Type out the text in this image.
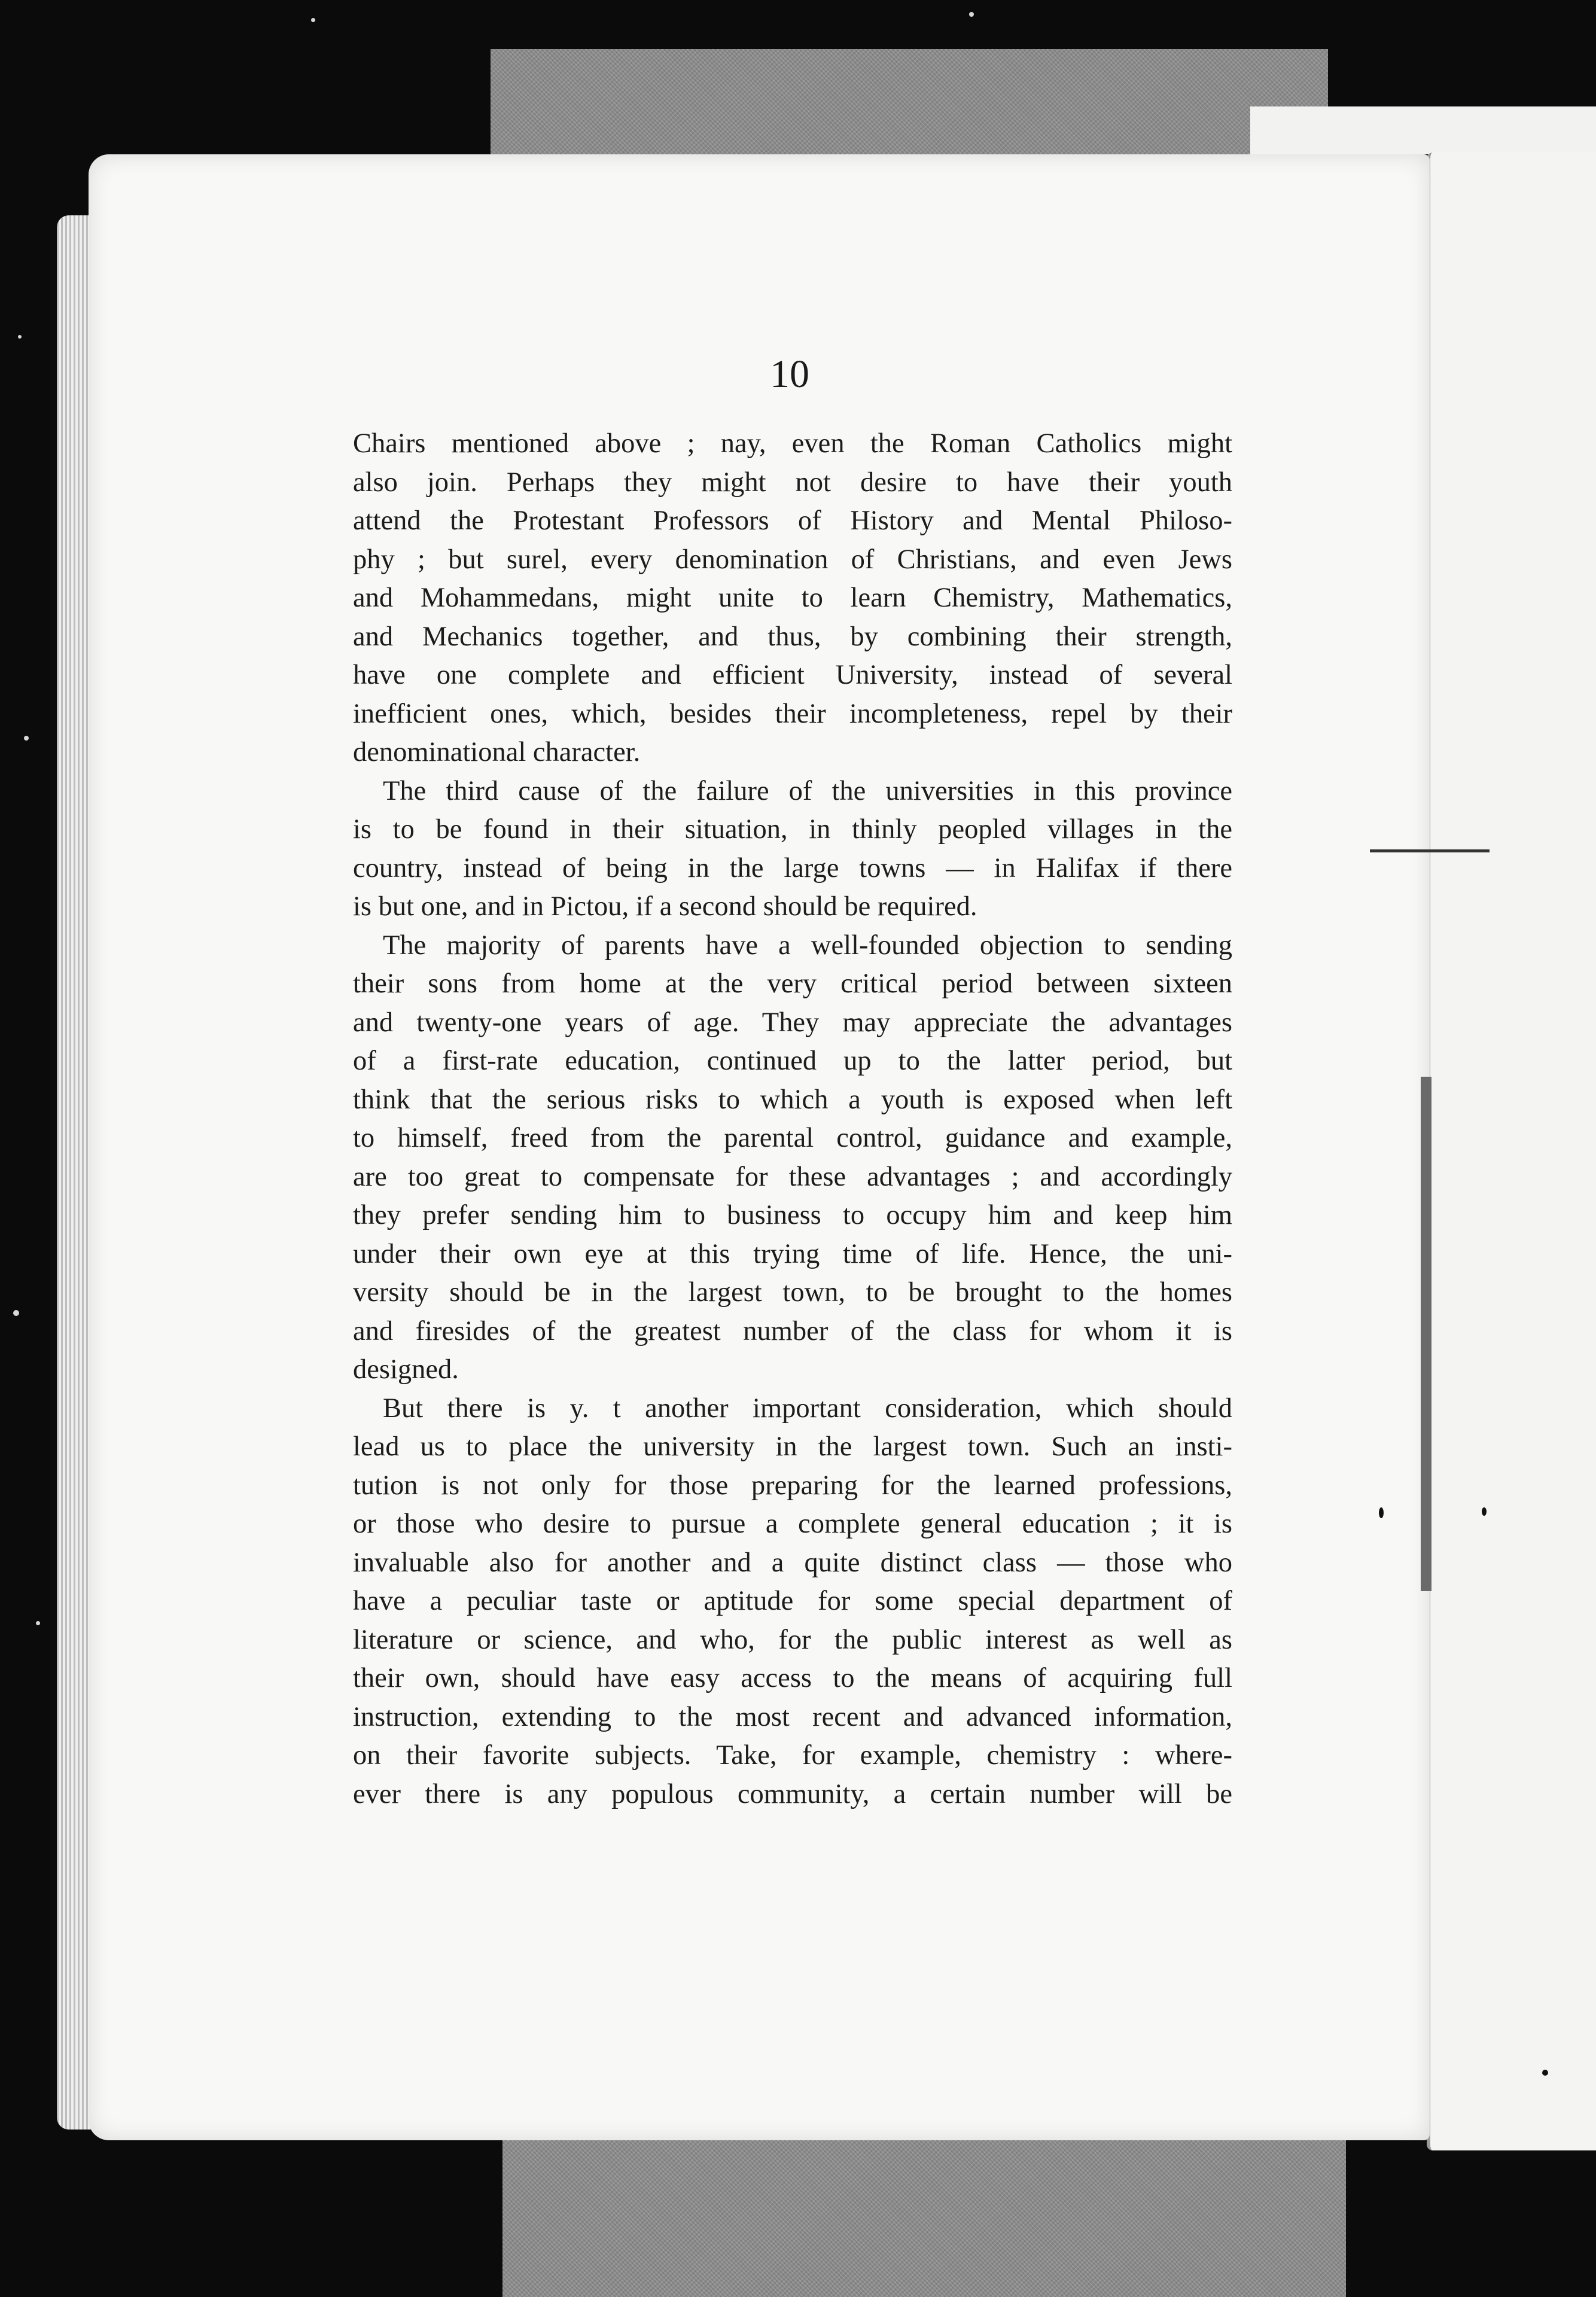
10
Chairs mentioned above ; nay, even the Roman Catholics might
also join. Perhaps they might not desire to have their youth
attend the Protestant Professors of History and Mental Philoso-
phy ; but surel, every denomination of Christians, and even Jews
and Mohammedans, might unite to learn Chemistry, Mathematics,
and Mechanics together, and thus, by combining their strength,
have one complete and efficient University, instead of several
inefficient ones, which, besides their incompleteness, repel by their
denominational character.
The third cause of the failure of the universities in this province
is to be found in their situation, in thinly peopled villages in the
country, instead of being in the large towns — in Halifax if there
is but one, and in Pictou, if a second should be required.
The majority of parents have a well-founded objection to sending
their sons from home at the very critical period between sixteen
and twenty-one years of age. They may appreciate the advantages
of a first-rate education, continued up to the latter period, but
think that the serious risks to which a youth is exposed when left
to himself, freed from the parental control, guidance and example,
are too great to compensate for these advantages ; and accordingly
they prefer sending him to business to occupy him and keep him
under their own eye at this trying time of life. Hence, the uni-
versity should be in the largest town, to be brought to the homes
and firesides of the greatest number of the class for whom it is
designed.
But there is y. t another important consideration, which should
lead us to place the university in the largest town. Such an insti-
tution is not only for those preparing for the learned professions,
or those who desire to pursue a complete general education ; it is
invaluable also for another and a quite distinct class — those who
have a peculiar taste or aptitude for some special department of
literature or science, and who, for the public interest as well as
their own, should have easy access to the means of acquiring full
instruction, extending to the most recent and advanced information,
on their favorite subjects. Take, for example, chemistry : where-
ever there is any populous community, a certain number will be
